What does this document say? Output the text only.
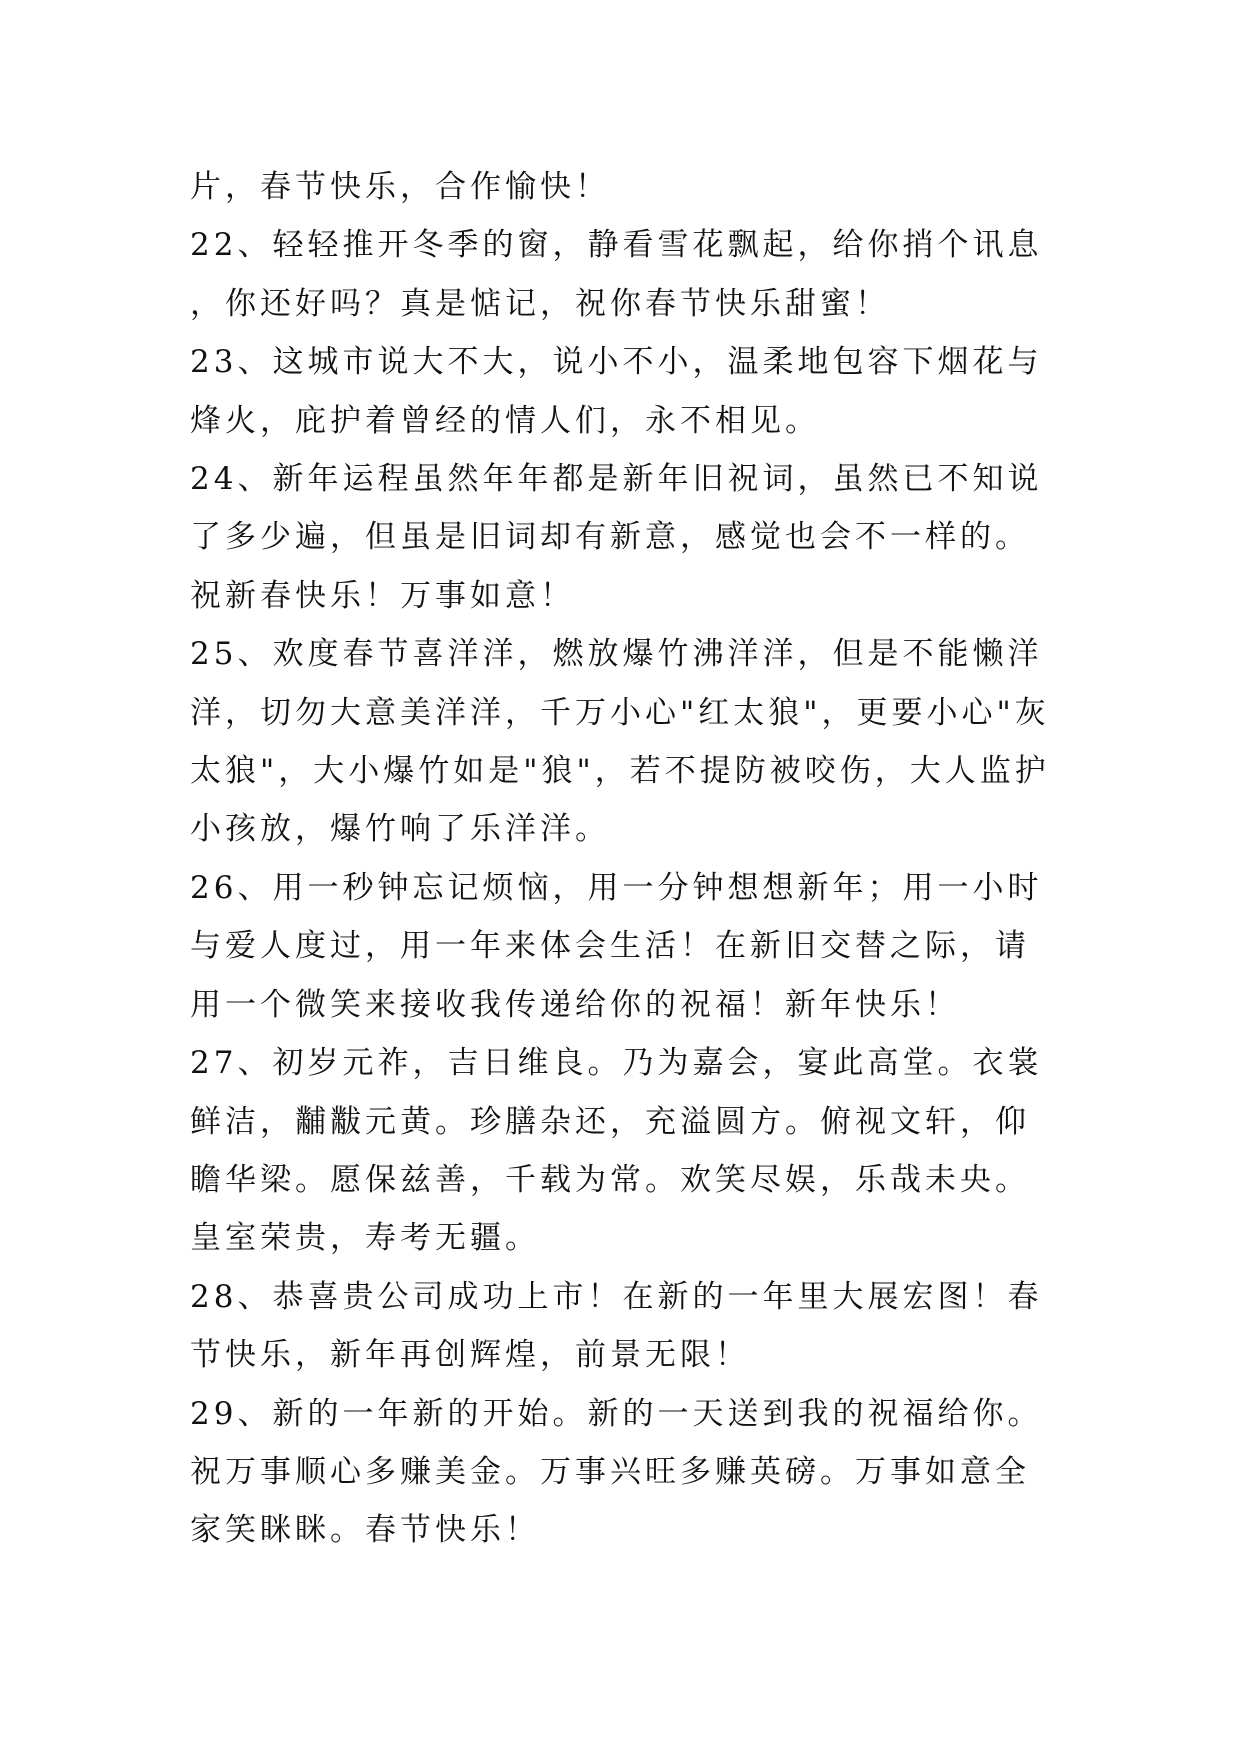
片，春节快乐，合作愉快！

22、轻轻推开冬季的窗，静看雪花飘起，给你捎个讯息，你还好吗？真是惦记，祝你春节快乐甜蜜！

23、这城市说大不大，说小不小，温柔地包容下烟花与烽火，庇护着曾经的情人们，永不相见。

24、新年运程虽然年年都是新年旧祝词，虽然已不知说了多少遍，但虽是旧词却有新意，感觉也会不一样的。祝新春快乐！万事如意！

25、欢度春节喜洋洋，燃放爆竹沸洋洋，但是不能懒洋洋，切勿大意美洋洋，千万小心"红太狼"，更要小心"灰太狼"，大小爆竹如是"狼"，若不提防被咬伤，大人监护小孩放，爆竹响了乐洋洋。

26、用一秒钟忘记烦恼，用一分钟想想新年；用一小时与爱人度过，用一年来体会生活！在新旧交替之际，请用一个微笑来接收我传递给你的祝福！新年快乐！

27、初岁元祚，吉日维良。乃为嘉会，宴此高堂。衣裳鲜洁，黼黻元黄。珍膳杂还，充溢圆方。俯视文轩，仰瞻华梁。愿保兹善，千载为常。欢笑尽娱，乐哉未央。皇室荣贵，寿考无疆。

28、恭喜贵公司成功上市！在新的一年里大展宏图！春节快乐，新年再创辉煌，前景无限！

29、新的一年新的开始。新的一天送到我的祝福给你。祝万事顺心多赚美金。万事兴旺多赚英磅。万事如意全家笑眯眯。春节快乐！
